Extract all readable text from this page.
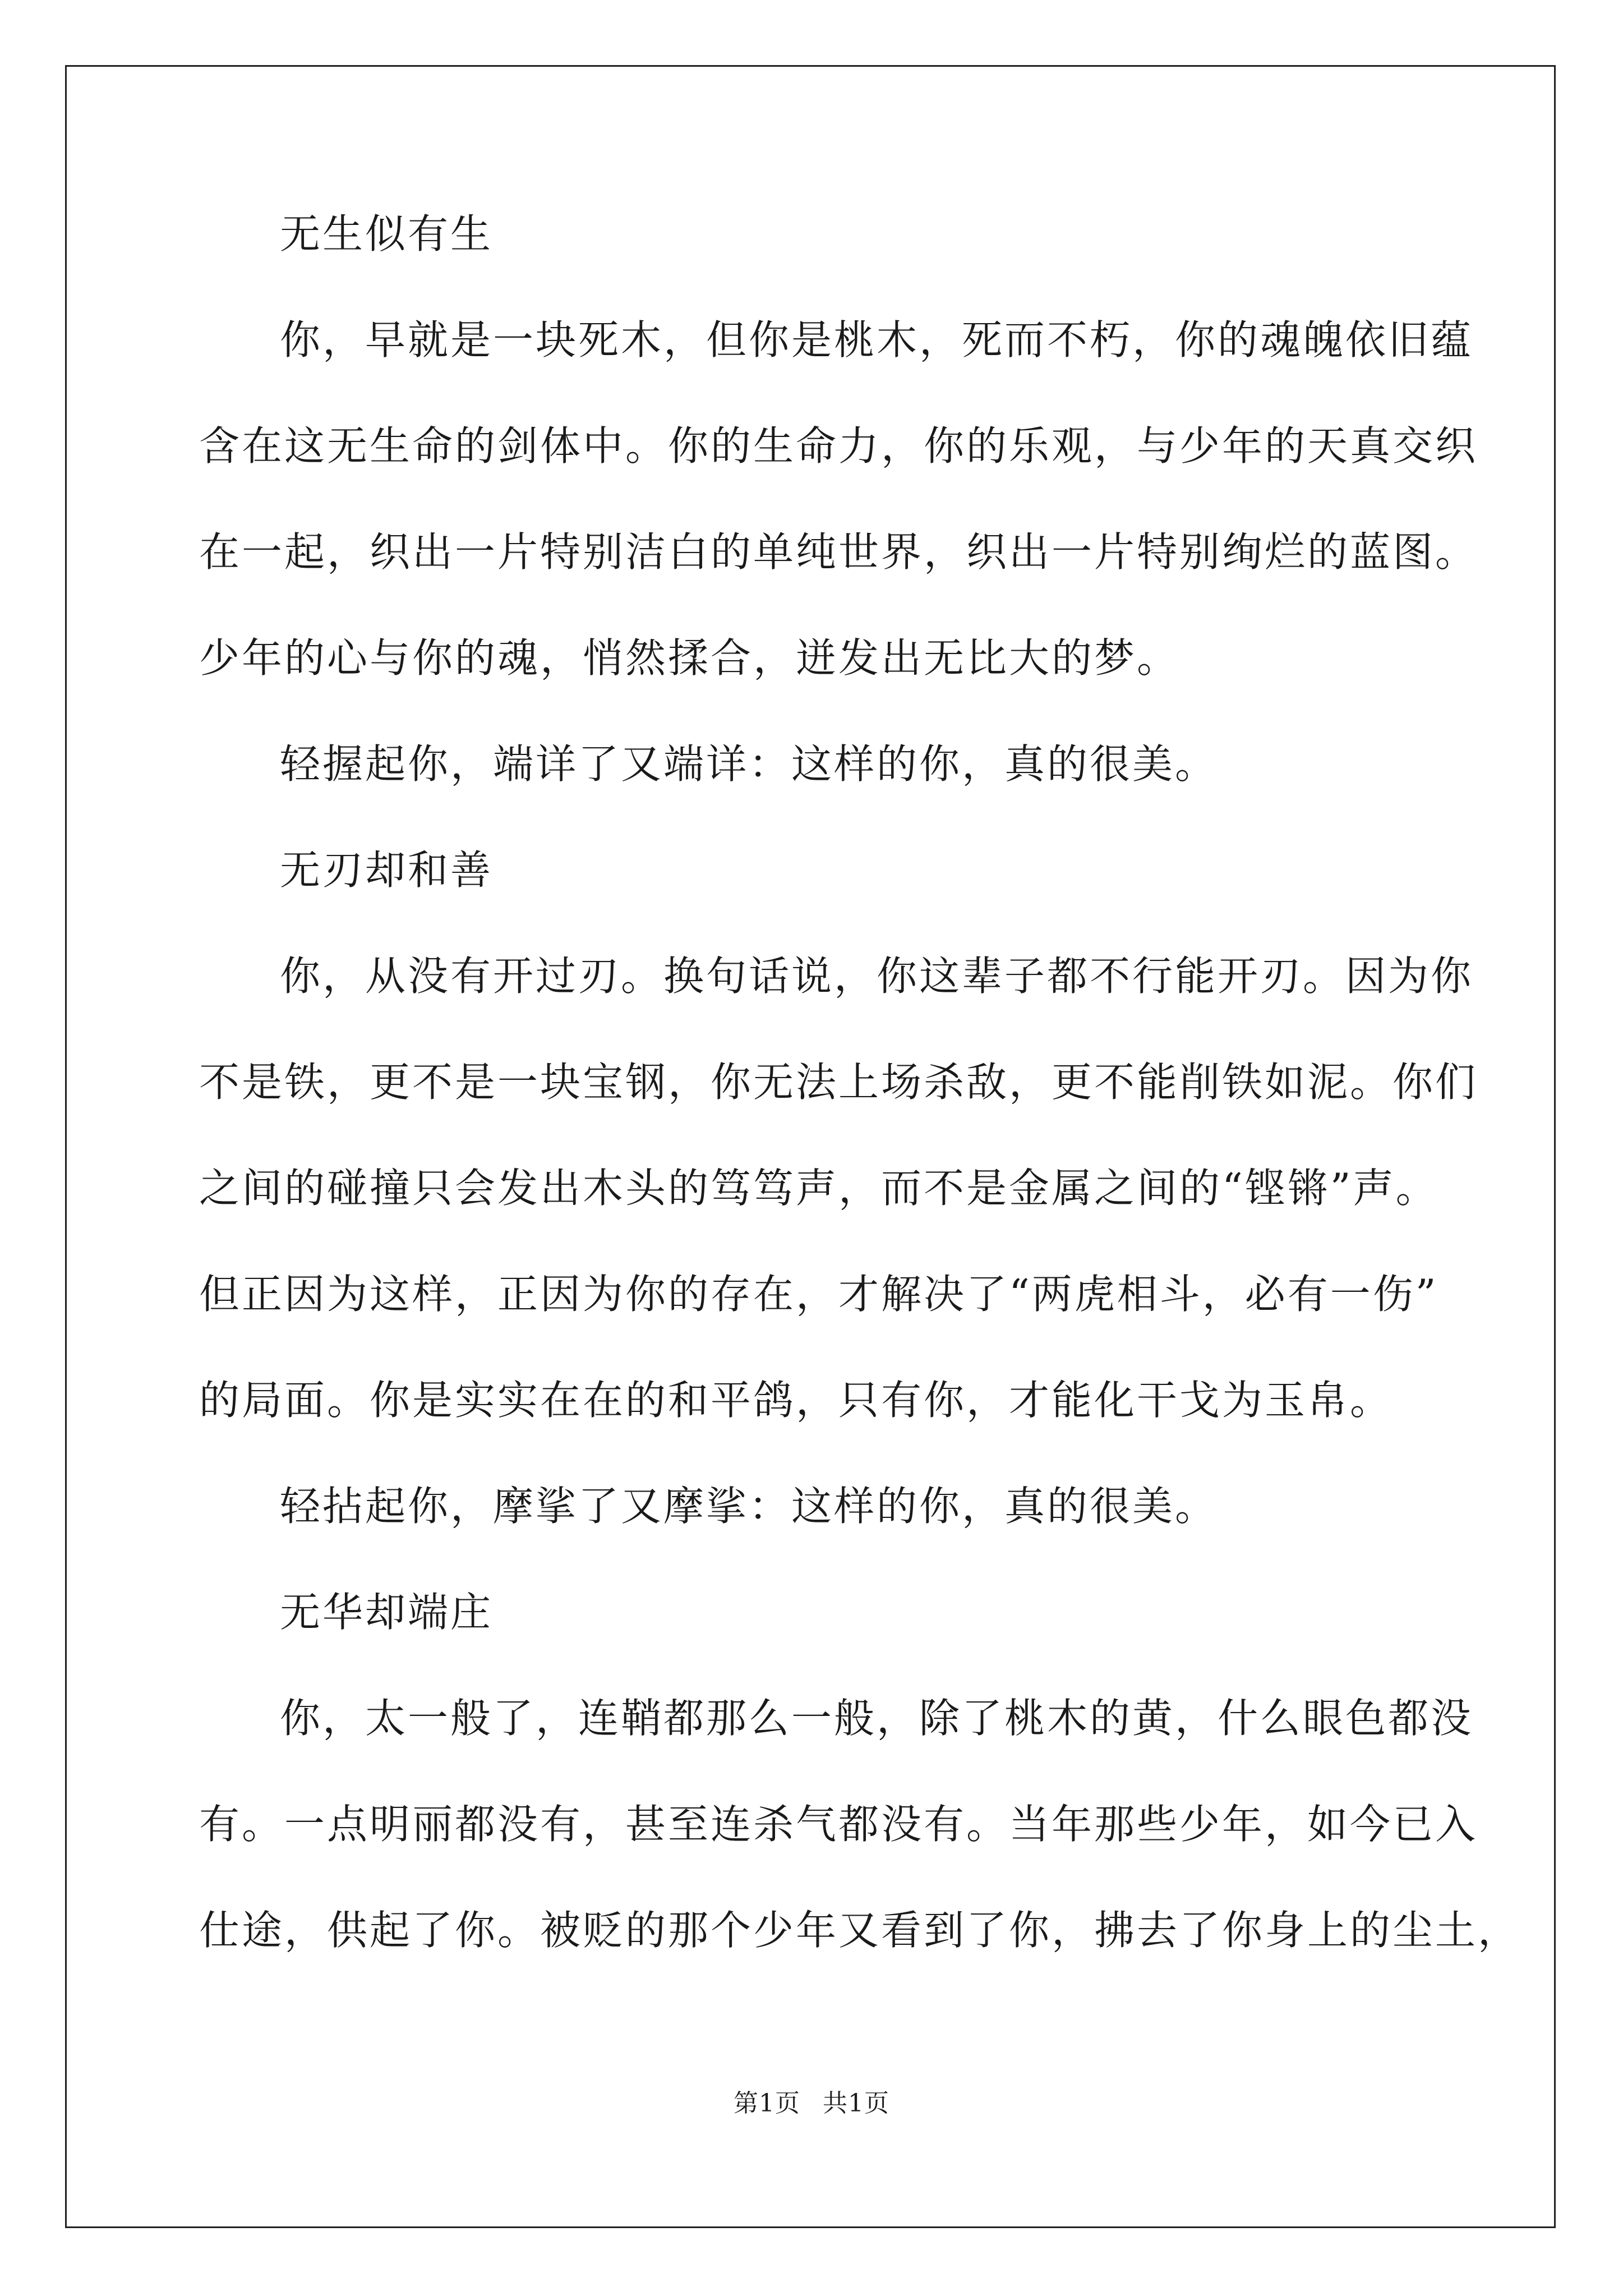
无生似有生

你，早就是一块死木，但你是桃木，死而不朽，你的魂魄依旧蕴

含在这无生命的剑体中。你的生命力，你的乐观，与少年的天真交织

在一起，织出一片特别洁白的单纯世界，织出一片特别绚烂的蓝图。

少年的心与你的魂，悄然揉合，迸发出无比大的梦。

轻握起你，端详了又端详：这样的你，真的很美。

无刃却和善

你，从没有开过刃。换句话说，你这辈子都不行能开刃。因为你

不是铁，更不是一块宝钢，你无法上场杀敌，更不能削铁如泥。你们

之间的碰撞只会发出木头的笃笃声，而不是金属之间的“铿锵”声。

但正因为这样，正因为你的存在，才解决了“两虎相斗，必有一伤”

的局面。你是实实在在的和平鸽，只有你，才能化干戈为玉帛。

轻拈起你，摩挲了又摩挲：这样的你，真的很美。

无华却端庄

你，太一般了，连鞘都那么一般，除了桃木的黄，什么眼色都没

有。一点明丽都没有，甚至连杀气都没有。当年那些少年，如今已入

仕途，供起了你。被贬的那个少年又看到了你，拂去了你身上的尘土，

第1页 共1页
